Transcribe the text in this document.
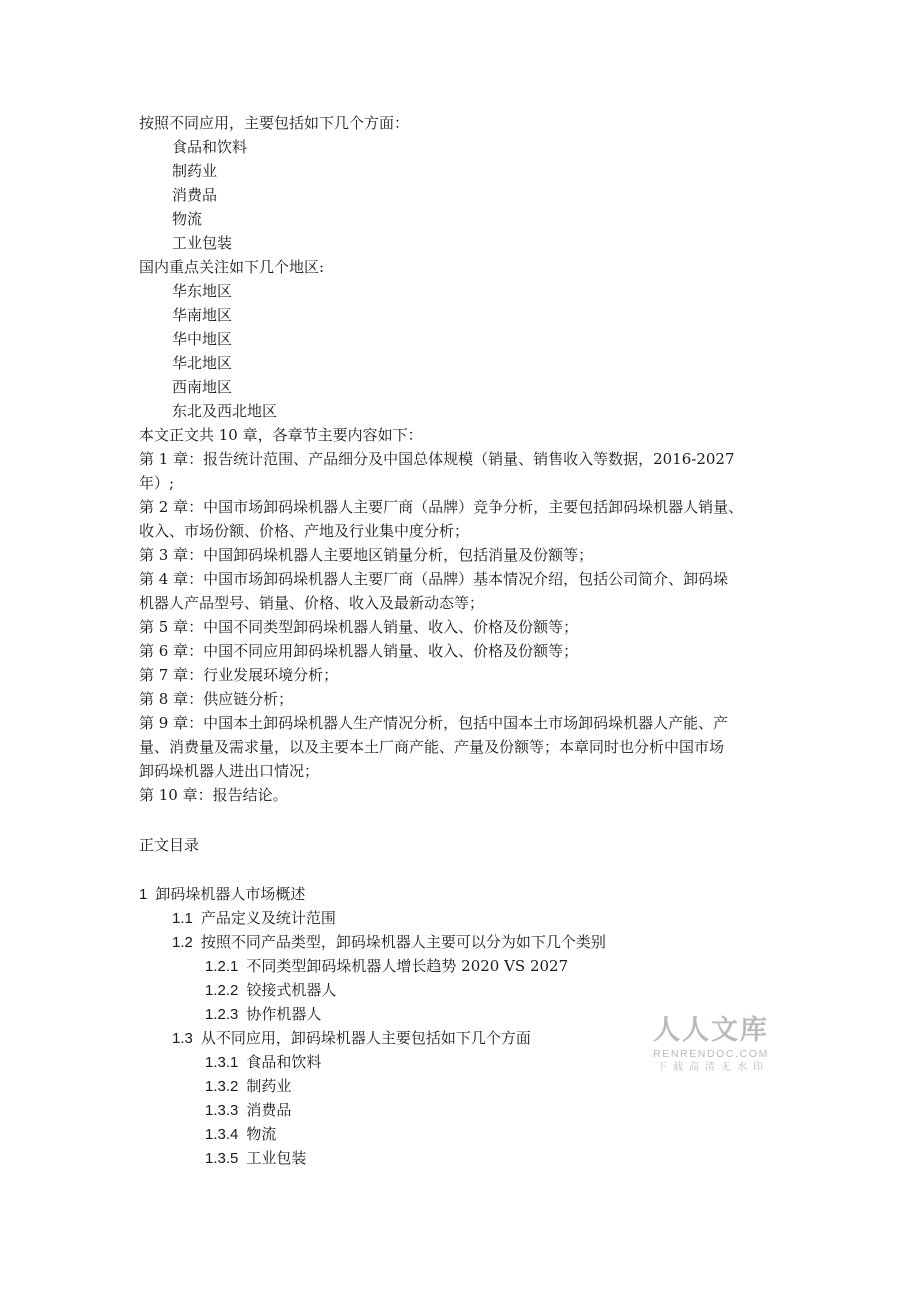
按照不同应用，主要包括如下几个方面：
食品和饮料
制药业
消费品
物流
工业包装
国内重点关注如下几个地区:
华东地区
华南地区
华中地区
华北地区
西南地区
东北及西北地区
本文正文共 10 章，各章节主要内容如下：
第 1 章：报告统计范围、产品细分及中国总体规模（销量、销售收入等数据，2016-2027
年）;
第 2 章：中国市场卸码垛机器人主要厂商（品牌）竞争分析，主要包括卸码垛机器人销量、
收入、市场份额、价格、产地及行业集中度分析；
第 3 章：中国卸码垛机器人主要地区销量分析，包括消量及份额等；
第 4 章：中国市场卸码垛机器人主要厂商（品牌）基本情况介绍，包括公司简介、卸码垛
机器人产品型号、销量、价格、收入及最新动态等；
第 5 章：中国不同类型卸码垛机器人销量、收入、价格及份额等；
第 6 章：中国不同应用卸码垛机器人销量、收入、价格及份额等；
第 7 章：行业发展环境分析；
第 8 章：供应链分析；
第 9 章：中国本土卸码垛机器人生产情况分析，包括中国本土市场卸码垛机器人产能、产
量、消费量及需求量，以及主要本土厂商产能、产量及份额等；本章同时也分析中国市场
卸码垛机器人进出口情况；
第 10 章：报告结论。
正文目录
1 卸码垛机器人市场概述
1.1 产品定义及统计范围
1.2 按照不同产品类型，卸码垛机器人主要可以分为如下几个类别
1.2.1 不同类型卸码垛机器人增长趋势 2020 VS 2027
1.2.2 铰接式机器人
1.2.3 协作机器人
1.3 从不同应用，卸码垛机器人主要包括如下几个方面
1.3.1 食品和饮料
1.3.2 制药业
1.3.3 消费品
1.3.4 物流
1.3.5 工业包装
人人文库
RENRENDOC.COM
下载高清无水印
